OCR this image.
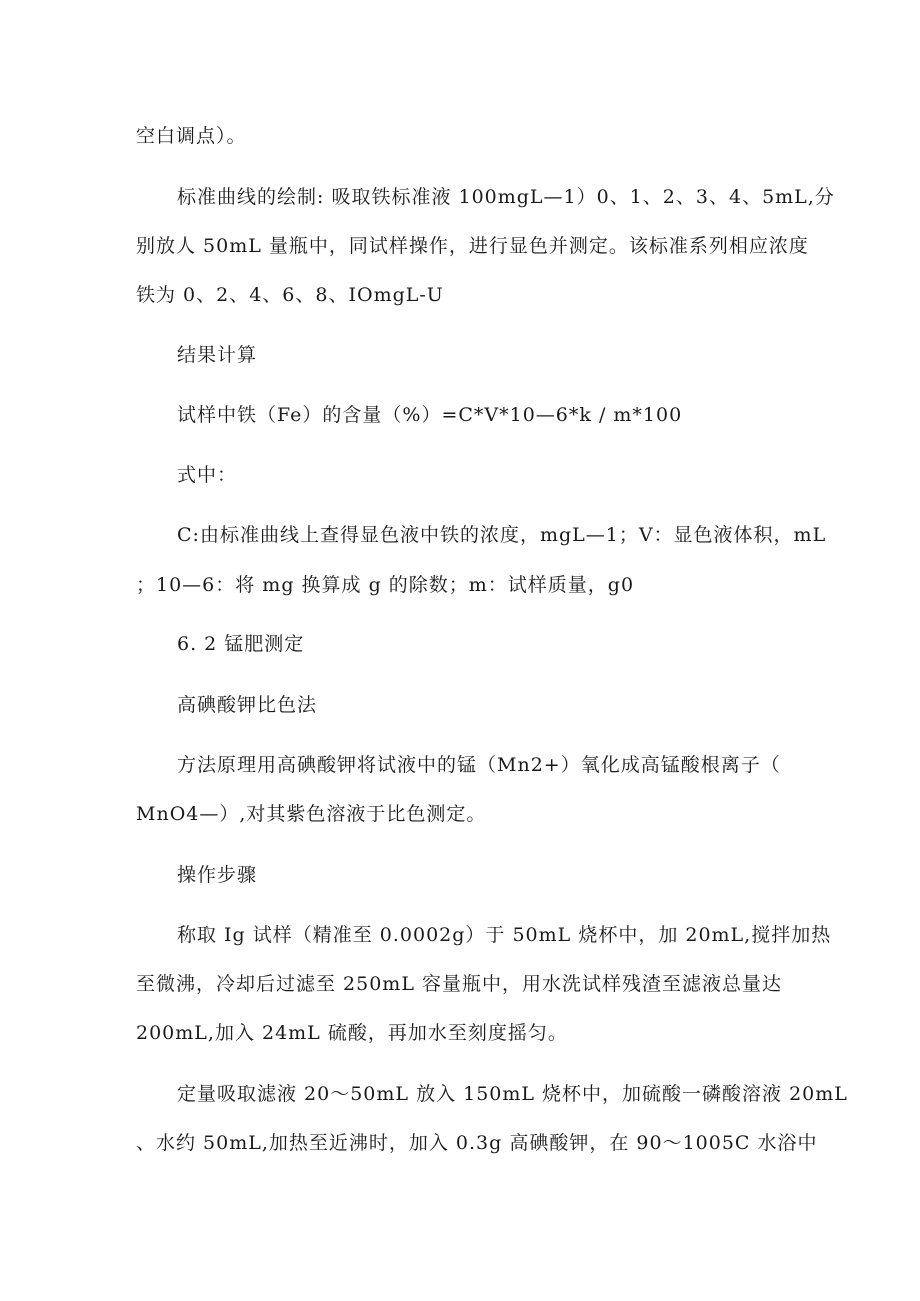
空白调点）。
标准曲线的绘制: 吸取铁标准液 100mgL—1）0、1、2、3、4、5mL,分
别放人 50mL 量瓶中，同试样操作，进行显色并测定。该标准系列相应浓度
铁为 0、2、4、6、8、IOmgL-U
结果计算
试样中铁（Fe）的含量（%）=C*V*10—6*k / m*100
式中：
C:由标准曲线上查得显色液中铁的浓度，mgL—1；V：显色液体积，mL
；10—6：将 mg 换算成 g 的除数；m：试样质量，g0
6. 2 锰肥测定
高碘酸钾比色法
方法原理用高碘酸钾将试液中的锰（Mn2+）氧化成高锰酸根离子（
MnO4—）,对其紫色溶液于比色测定。
操作步骤
称取 Ig 试样（精准至 0.0002g）于 50mL 烧杯中，加 20mL,搅拌加热
至微沸，冷却后过滤至 250mL 容量瓶中，用水洗试样残渣至滤液总量达
200mL,加入 24mL 硫酸，再加水至刻度摇匀。
定量吸取滤液 20～50mL 放入 150mL 烧杯中，加硫酸一磷酸溶液 20mL
、水约 50mL,加热至近沸时，加入 0.3g 高碘酸钾，在 90～1005C 水浴中
